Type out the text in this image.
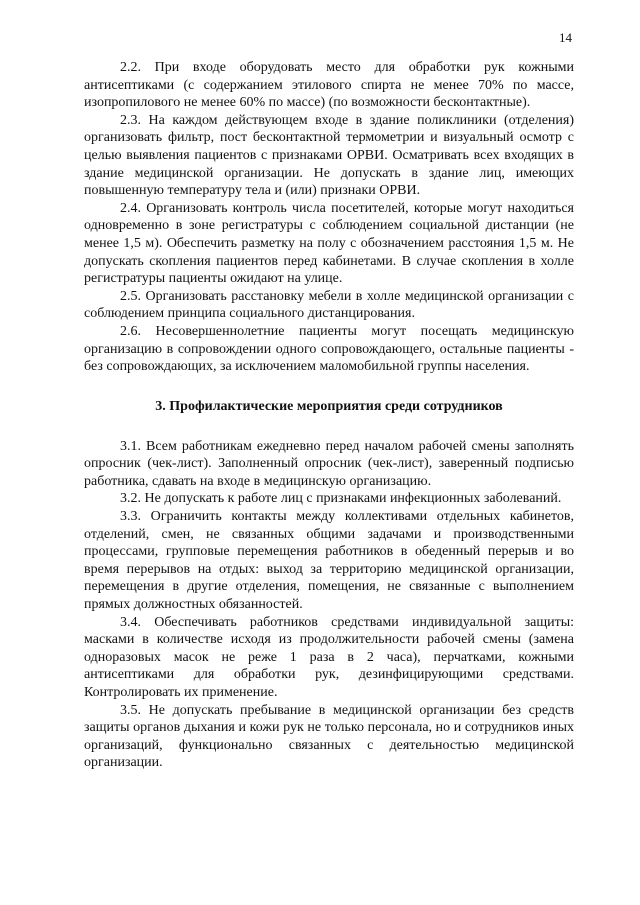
14

2.2. При входе оборудовать место для обработки рук кожными антисептиками (с содержанием этилового спирта не менее 70% по массе, изопропилового не менее 60% по массе) (по возможности бесконтактные).

2.3. На каждом действующем входе в здание поликлиники (отделения) организовать фильтр, пост бесконтактной термометрии и визуальный осмотр с целью выявления пациентов с признаками ОРВИ. Осматривать всех входящих в здание медицинской организации. Не допускать в здание лиц, имеющих повышенную температуру тела и (или) признаки ОРВИ.

2.4. Организовать контроль числа посетителей, которые могут находиться одновременно в зоне регистратуры с соблюдением социальной дистанции (не менее 1,5 м). Обеспечить разметку на полу с обозначением расстояния 1,5 м. Не допускать скопления пациентов перед кабинетами. В случае скопления в холле регистратуры пациенты ожидают на улице.

2.5. Организовать расстановку мебели в холле медицинской организации с соблюдением принципа социального дистанцирования.

2.6. Несовершеннолетние пациенты могут посещать медицинскую организацию в сопровождении одного сопровождающего, остальные пациенты - без сопровождающих, за исключением маломобильной группы населения.

3. Профилактические мероприятия среди сотрудников

3.1. Всем работникам ежедневно перед началом рабочей смены заполнять опросник (чек-лист). Заполненный опросник (чек-лист), заверенный подписью работника, сдавать на входе в медицинскую организацию.

3.2. Не допускать к работе лиц с признаками инфекционных заболеваний.

3.3. Ограничить контакты между коллективами отдельных кабинетов, отделений, смен, не связанных общими задачами и производственными процессами, групповые перемещения работников в обеденный перерыв и во время перерывов на отдых: выход за территорию медицинской организации, перемещения в другие отделения, помещения, не связанные с выполнением прямых должностных обязанностей.

3.4. Обеспечивать работников средствами индивидуальной защиты: масками в количестве исходя из продолжительности рабочей смены (замена одноразовых масок не реже 1 раза в 2 часа), перчатками, кожными антисептиками для обработки рук, дезинфицирующими средствами. Контролировать их применение.

3.5. Не допускать пребывание в медицинской организации без средств защиты органов дыхания и кожи рук не только персонала, но и сотрудников иных организаций, функционально связанных с деятельностью медицинской организации.
